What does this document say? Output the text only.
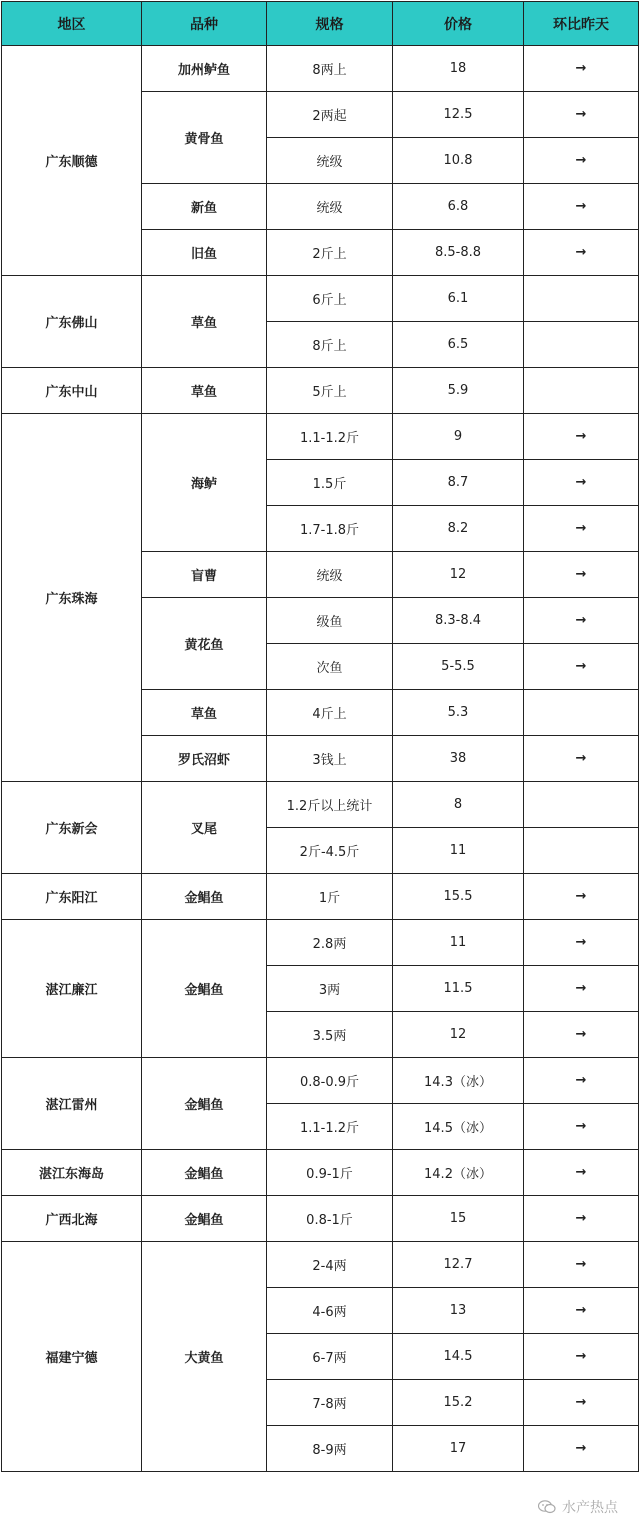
地区	品种	规格	价格	环比昨天
广东顺德	加州鲈鱼	8两上	18	→
	黄骨鱼	2两起	12.5	→
		统级	10.8	→
	新鱼	统级	6.8	→
	旧鱼	2斤上	8.5-8.8	→
广东佛山	草鱼	6斤上	6.1	
		8斤上	6.5	
广东中山	草鱼	5斤上	5.9	
广东珠海	海鲈	1.1-1.2斤	9	→
		1.5斤	8.7	→
		1.7-1.8斤	8.2	→
	盲曹	统级	12	→
	黄花鱼	级鱼	8.3-8.4	→
		次鱼	5-5.5	→
	草鱼	4斤上	5.3	
	罗氏沼虾	3钱上	38	→
广东新会	叉尾	1.2斤以上统计	8	
		2斤-4.5斤	11	
广东阳江	金鲳鱼	1斤	15.5	→
湛江廉江	金鲳鱼	2.8两	11	→
		3两	11.5	→
		3.5两	12	→
湛江雷州	金鲳鱼	0.8-0.9斤	14.3（冰）	→
		1.1-1.2斤	14.5（冰）	→
湛江东海岛	金鲳鱼	0.9-1斤	14.2（冰）	→
广西北海	金鲳鱼	0.8-1斤	15	→
福建宁德	大黄鱼	2-4两	12.7	→
		4-6两	13	→
		6-7两	14.5	→
		7-8两	15.2	→
		8-9两	17	→
水产热点
